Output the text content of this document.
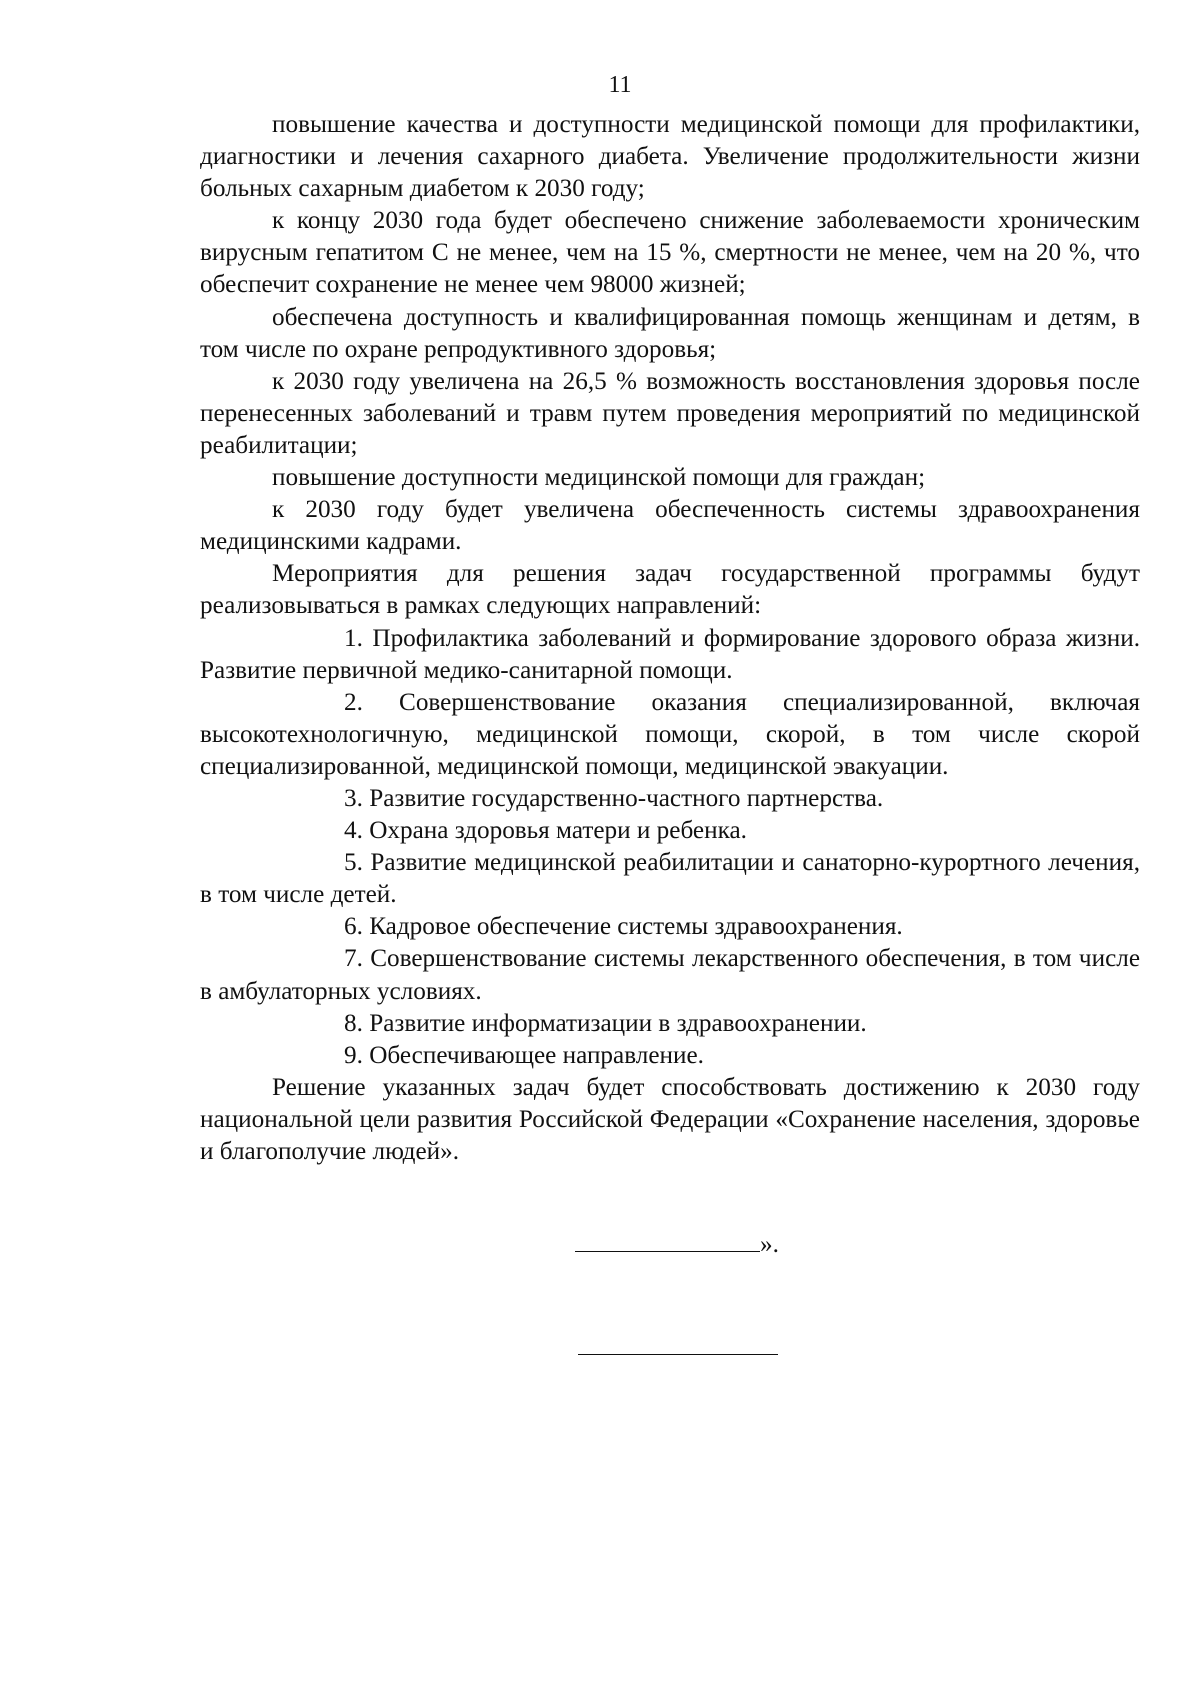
11

повышение качества и доступности медицинской помощи для профилактики, диагностики и лечения сахарного диабета. Увеличение продолжительности жизни больных сахарным диабетом к 2030 году;

к концу 2030 года будет обеспечено снижение заболеваемости хроническим вирусным гепатитом С не менее, чем на 15 %, смертности не менее, чем на 20 %, что обеспечит сохранение не менее чем 98000 жизней;

обеспечена доступность и квалифицированная помощь женщинам и детям, в том числе по охране репродуктивного здоровья;

к 2030 году увеличена на 26,5 % возможность восстановления здоровья после перенесенных заболеваний и травм путем проведения мероприятий по медицинской реабилитации;

повышение доступности медицинской помощи для граждан;

к 2030 году будет увеличена обеспеченность системы здравоохранения медицинскими кадрами.

Мероприятия для решения задач государственной программы будут реализовываться в рамках следующих направлений:

1. Профилактика заболеваний и формирование здорового образа жизни. Развитие первичной медико-санитарной помощи.

2. Совершенствование оказания специализированной, включая высокотехнологичную, медицинской помощи, скорой, в том числе скорой специализированной, медицинской помощи, медицинской эвакуации.

3. Развитие государственно-частного партнерства.

4. Охрана здоровья матери и ребенка.

5. Развитие медицинской реабилитации и санаторно-курортного лечения, в том числе детей.

6. Кадровое обеспечение системы здравоохранения.

7. Совершенствование системы лекарственного обеспечения, в том числе в амбулаторных условиях.

8. Развитие информатизации в здравоохранении.

9. Обеспечивающее направление.

Решение указанных задач будет способствовать достижению к 2030 году национальной цели развития Российской Федерации «Сохранение населения, здоровье и благополучие людей».

».
